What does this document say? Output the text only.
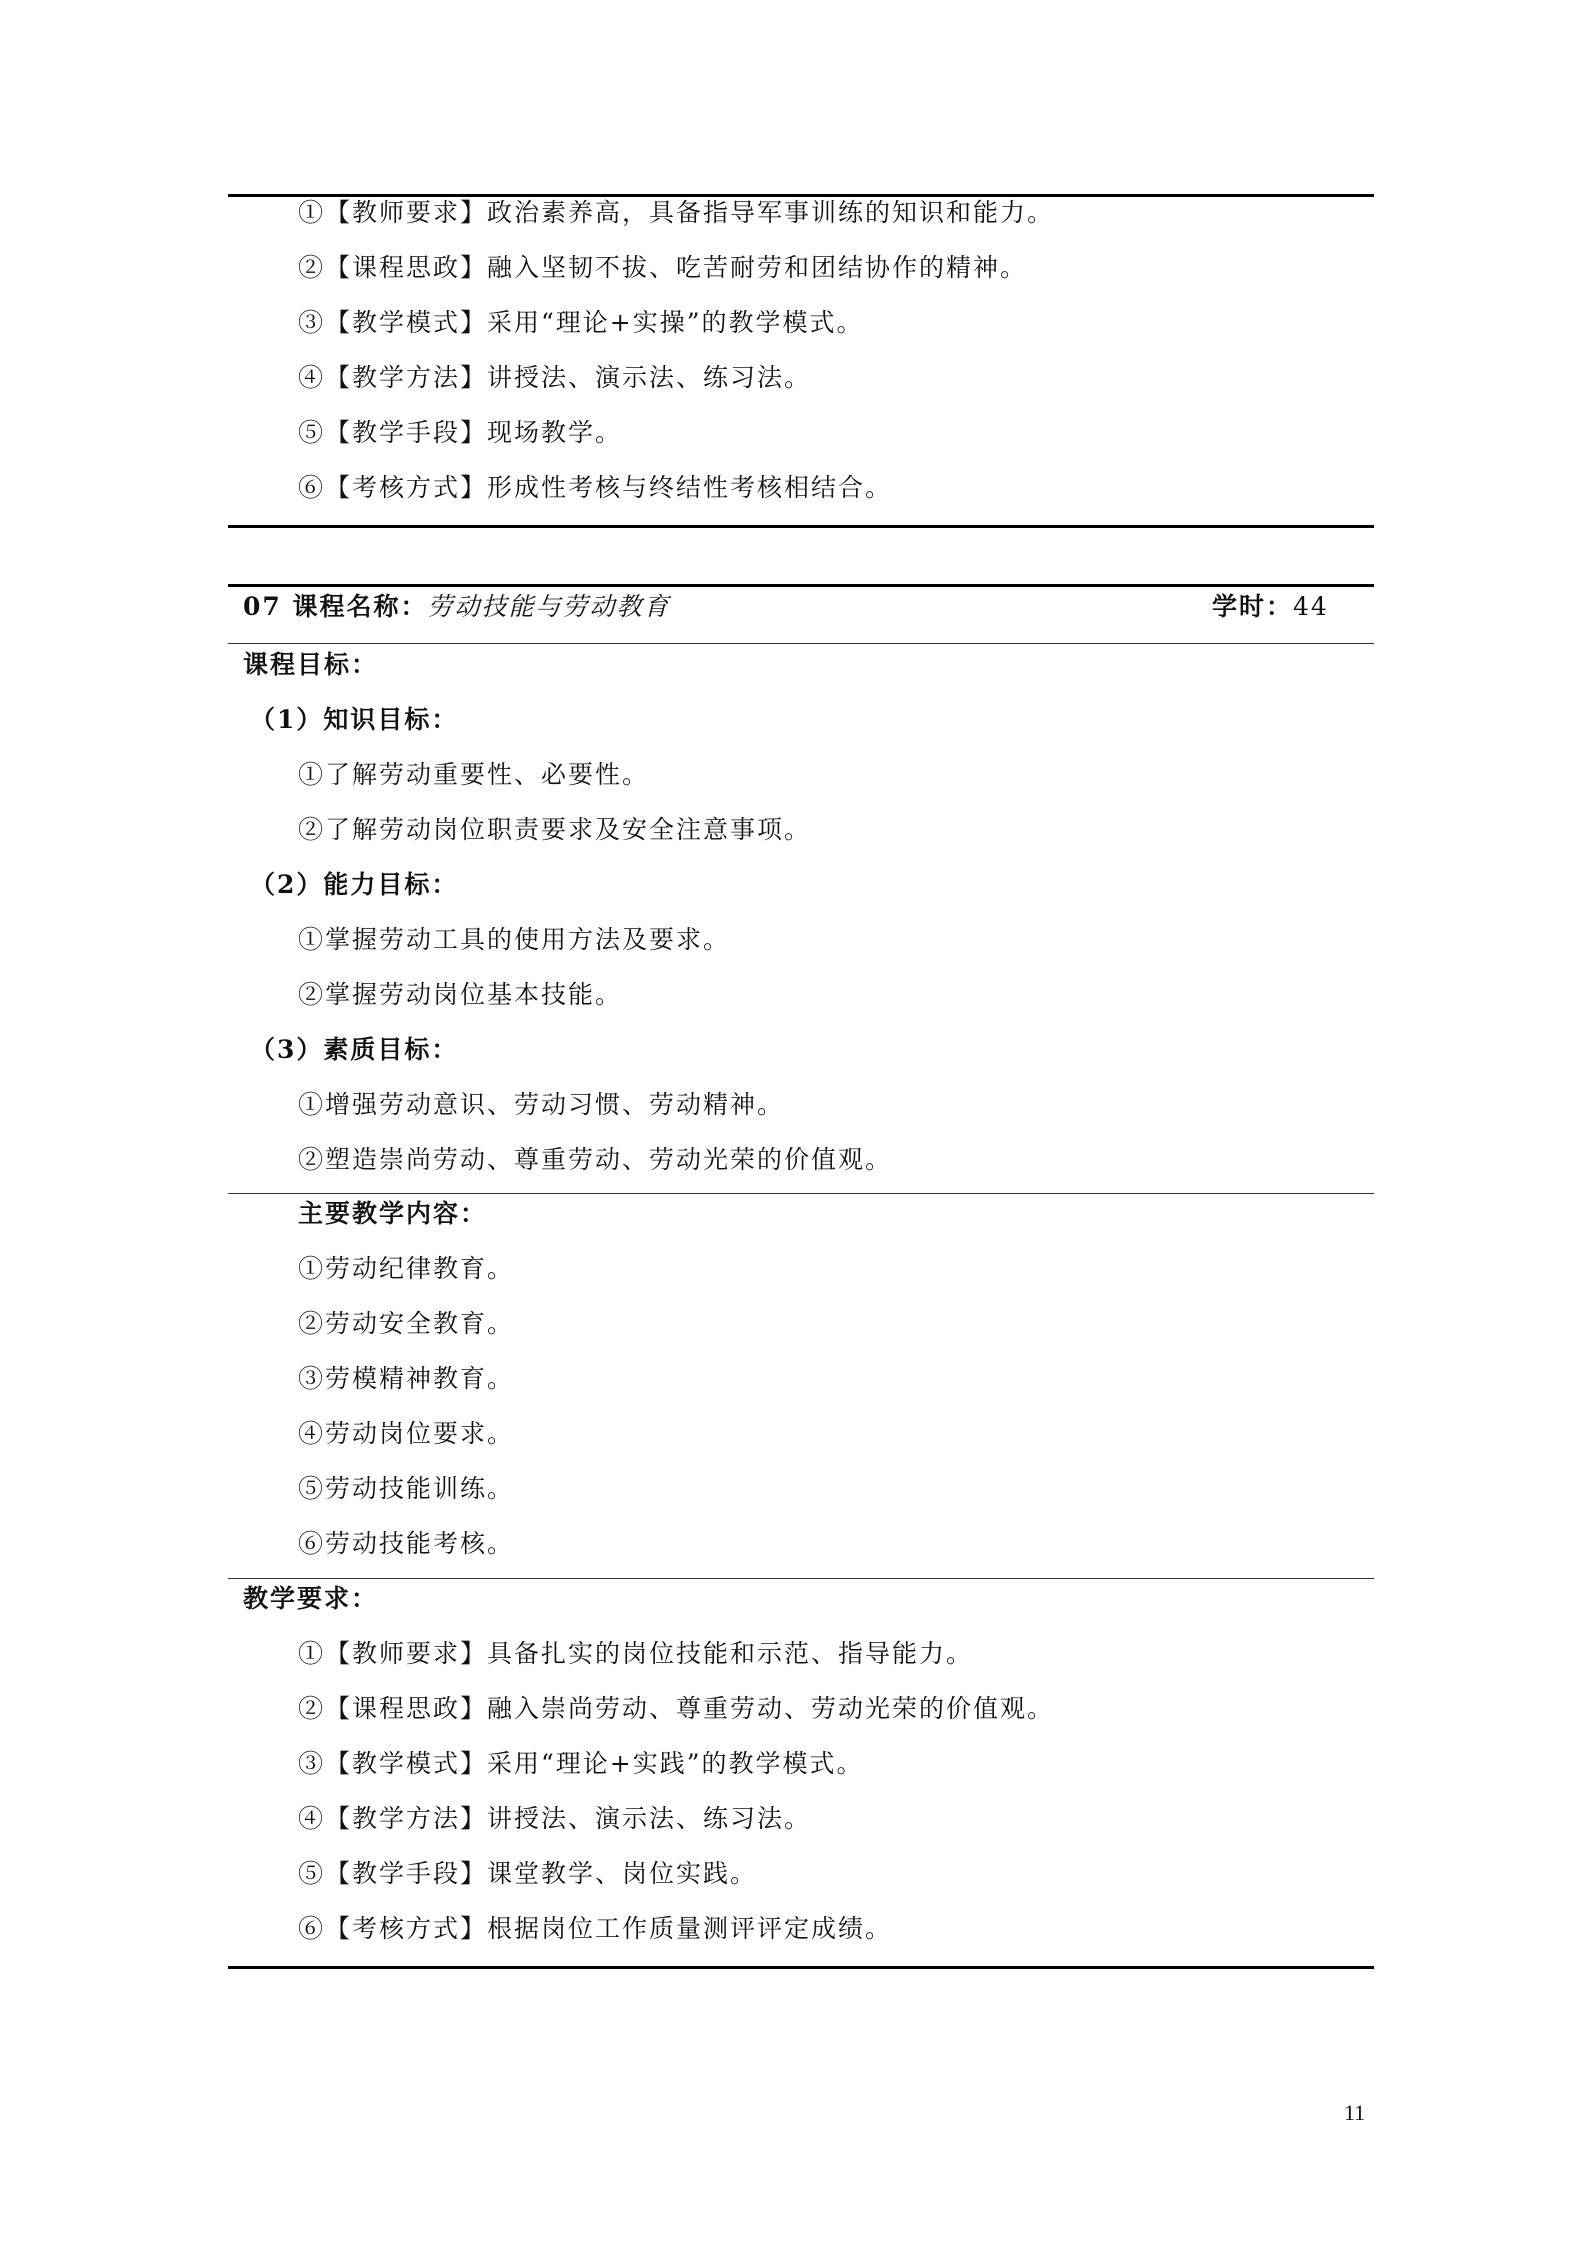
①【教师要求】政治素养高，具备指导军事训练的知识和能力。
②【课程思政】融入坚韧不拔、吃苦耐劳和团结协作的精神。
③【教学模式】采用“理论+实操”的教学模式。
④【教学方法】讲授法、演示法、练习法。
⑤【教学手段】现场教学。
⑥【考核方式】形成性考核与终结性考核相结合。
07 课程名称：劳动技能与劳动教育	学时：44
课程目标：
（1）知识目标：
①了解劳动重要性、必要性。
②了解劳动岗位职责要求及安全注意事项。
（2）能力目标：
①掌握劳动工具的使用方法及要求。
②掌握劳动岗位基本技能。
（3）素质目标：
①增强劳动意识、劳动习惯、劳动精神。
②塑造崇尚劳动、尊重劳动、劳动光荣的价值观。
主要教学内容：
①劳动纪律教育。
②劳动安全教育。
③劳模精神教育。
④劳动岗位要求。
⑤劳动技能训练。
⑥劳动技能考核。
教学要求：
①【教师要求】具备扎实的岗位技能和示范、指导能力。
②【课程思政】融入崇尚劳动、尊重劳动、劳动光荣的价值观。
③【教学模式】采用“理论+实践”的教学模式。
④【教学方法】讲授法、演示法、练习法。
⑤【教学手段】课堂教学、岗位实践。
⑥【考核方式】根据岗位工作质量测评评定成绩。
11
